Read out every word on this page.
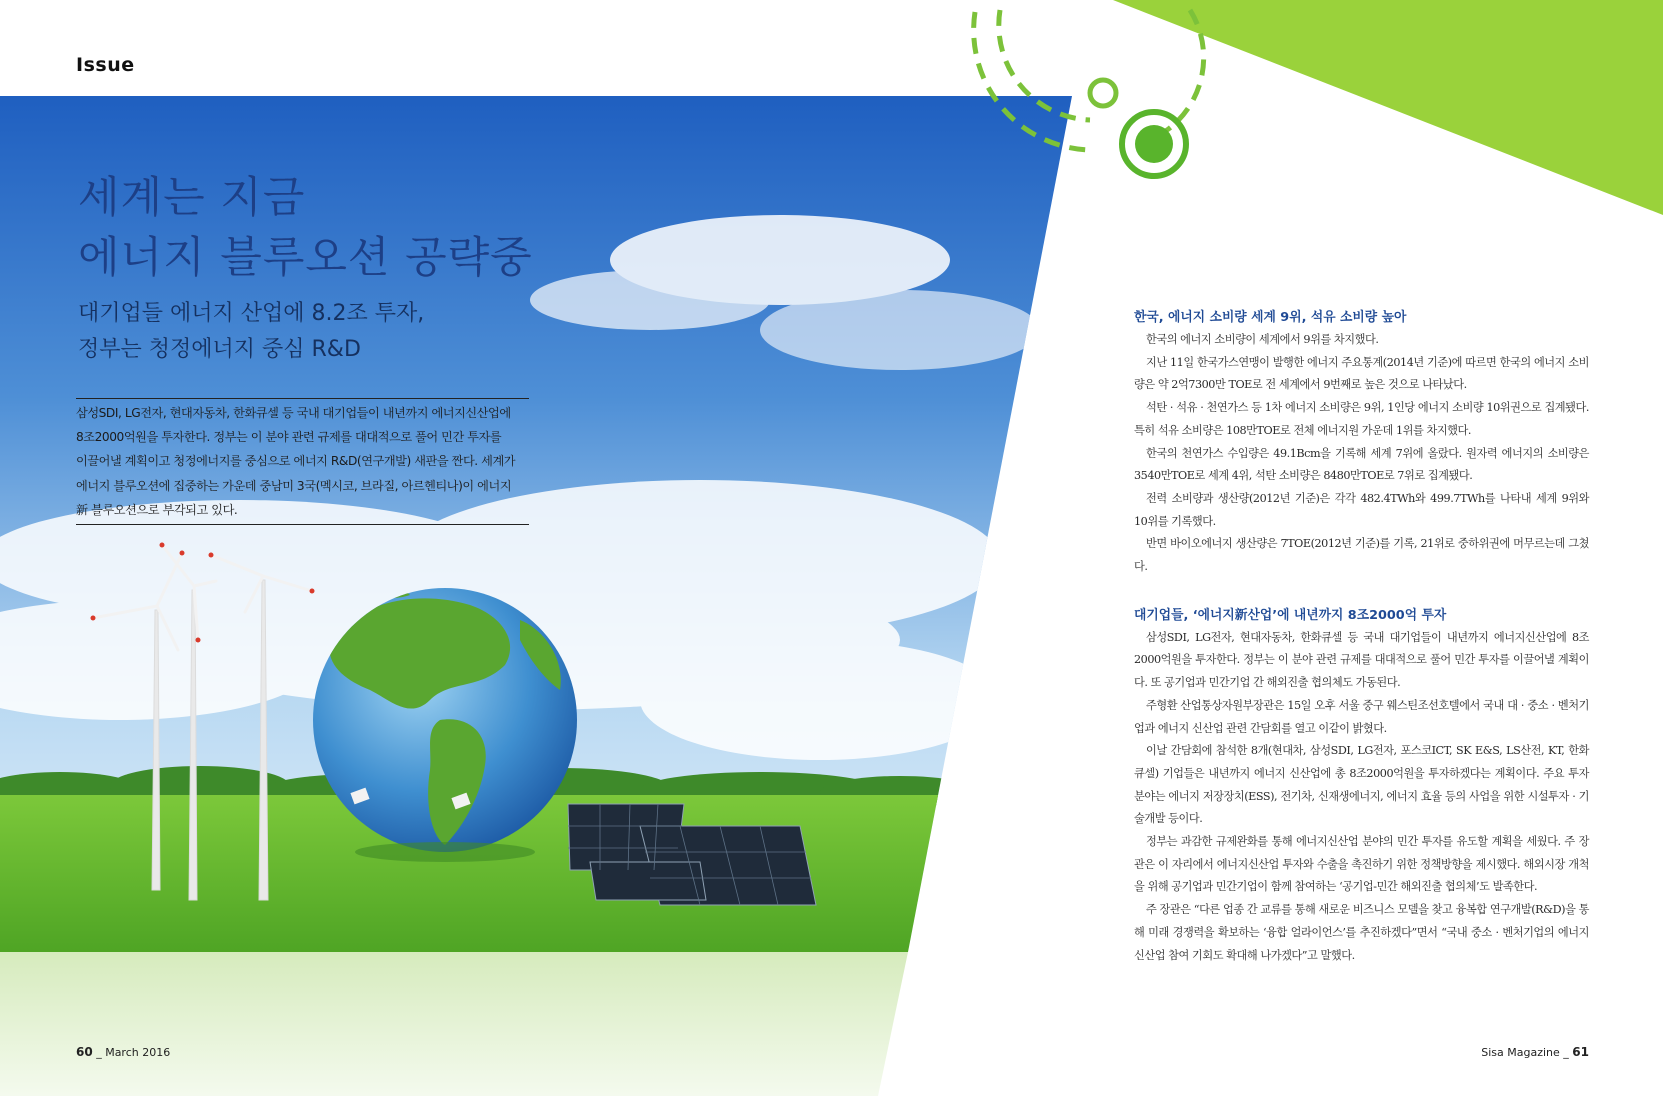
Issue
세계는 지금
에너지 블루오션 공략중
대기업들 에너지 산업에 8.2조 투자,
정부는 청정에너지 중심 R&D

삼성SDI, LG전자, 현대자동차, 한화큐셀 등 국내 대기업들이 내년까지 에너지신산업에

8조2000억원을 투자한다. 정부는 이 분야 관련 규제를 대대적으로 풀어 민간 투자를

이끌어낼 계획이고 청정에너지를 중심으로 에너지 R&D(연구개발) 새판을 짠다. 세계가

에너지 블루오션에 집중하는 가운데 중남미 3국(멕시코, 브라질, 아르헨티나)이 에너지

新 블루오션으로 부각되고 있다.

한국, 에너지 소비량 세계 9위, 석유 소비량 높아

한국의 에너지 소비량이 세계에서 9위를 차지했다.

지난 11일 한국가스연맹이 발행한 에너지 주요통계(2014년 기준)에 따르면 한국의 에너지 소비량은 약 2억7300만 TOE로 전 세계에서 9번째로 높은 것으로 나타났다.

석탄 · 석유 · 천연가스 등 1차 에너지 소비량은 9위, 1인당 에너지 소비량 10위권으로 집계됐다. 특히 석유 소비량은 108만TOE로 전체 에너지원 가운데 1위를 차지했다.

한국의 천연가스 수입량은 49.1Bcm을 기록해 세계 7위에 올랐다. 원자력 에너지의 소비량은 3540만TOE로 세계 4위, 석탄 소비량은 8480만TOE로 7위로 집계됐다.

전력 소비량과 생산량(2012년 기준)은 각각 482.4TWh와 499.7TWh를 나타내 세계 9위와 10위를 기록했다.

반면 바이오에너지 생산량은 7TOE(2012년 기준)를 기록, 21위로 중하위권에 머무르는데 그쳤다.

대기업들, ‘에너지新산업’에 내년까지 8조2000억 투자

삼성SDI, LG전자, 현대자동차, 한화큐셀 등 국내 대기업들이 내년까지 에너지신산업에 8조2000억원을 투자한다. 정부는 이 분야 관련 규제를 대대적으로 풀어 민간 투자를 이끌어낼 계획이다. 또 공기업과 민간기업 간 해외진출 협의체도 가동된다.

주형환 산업통상자원부장관은 15일 오후 서울 중구 웨스틴조선호텔에서 국내 대 · 중소 · 벤처기업과 에너지 신산업 관련 간담회를 열고 이같이 밝혔다.

이날 간담회에 참석한 8개(현대차, 삼성SDI, LG전자, 포스코ICT, SK E&S, LS산전, KT, 한화큐셀) 기업들은 내년까지 에너지 신산업에 총 8조2000억원을 투자하겠다는 계획이다. 주요 투자 분야는 에너지 저장장치(ESS), 전기차, 신재생에너지, 에너지 효율 등의 사업을 위한 시설투자 · 기술개발 등이다.

정부는 과감한 규제완화를 통해 에너지신산업 분야의 민간 투자를 유도할 계획을 세웠다. 주 장관은 이 자리에서 에너지신산업 투자와 수출을 촉진하기 위한 정책방향을 제시했다. 해외시장 개척을 위해 공기업과 민간기업이 함께 참여하는 ‘공기업-민간 해외진출 협의체’도 발족한다.

주 장관은 “다른 업종 간 교류를 통해 새로운 비즈니스 모델을 찾고 융복합 연구개발(R&D)을 통해 미래 경쟁력을 확보하는 ‘융합 얼라이언스’를 추진하겠다”면서 “국내 중소 · 벤처기업의 에너지신산업 참여 기회도 확대해 나가겠다”고 말했다.

60 _ March 2016	Sisa Magazine _ 61
